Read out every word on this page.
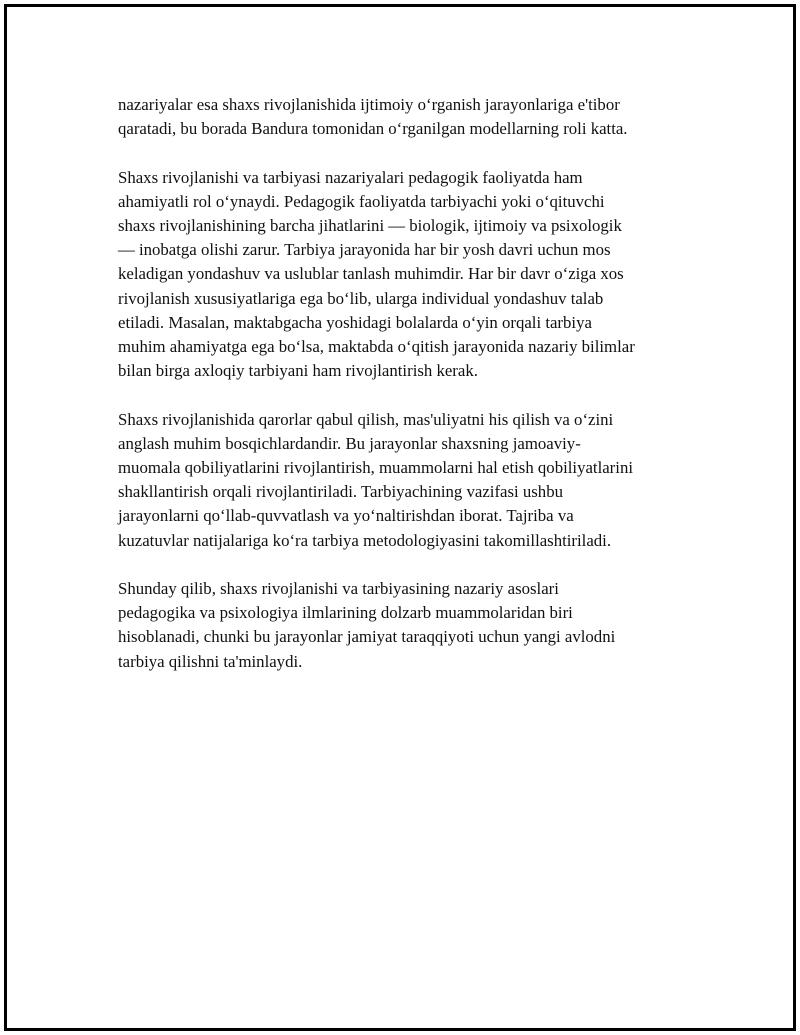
nazariyalar esa shaxs rivojlanishida ijtimoiy o‘rganish jarayonlariga e'tibor
qaratadi, bu borada Bandura tomonidan o‘rganilgan modellarning roli katta.

Shaxs rivojlanishi va tarbiyasi nazariyalari pedagogik faoliyatda ham
ahamiyatli rol o‘ynaydi. Pedagogik faoliyatda tarbiyachi yoki o‘qituvchi
shaxs rivojlanishining barcha jihatlarini — biologik, ijtimoiy va psixologik
— inobatga olishi zarur. Tarbiya jarayonida har bir yosh davri uchun mos
keladigan yondashuv va uslublar tanlash muhimdir. Har bir davr o‘ziga xos
rivojlanish xususiyatlariga ega bo‘lib, ularga individual yondashuv talab
etiladi. Masalan, maktabgacha yoshidagi bolalarda o‘yin orqali tarbiya
muhim ahamiyatga ega bo‘lsa, maktabda o‘qitish jarayonida nazariy bilimlar
bilan birga axloqiy tarbiyani ham rivojlantirish kerak.

Shaxs rivojlanishida qarorlar qabul qilish, mas'uliyatni his qilish va o‘zini
anglash muhim bosqichlardandir. Bu jarayonlar shaxsning jamoaviy-
muomala qobiliyatlarini rivojlantirish, muammolarni hal etish qobiliyatlarini
shakllantirish orqali rivojlantiriladi. Tarbiyachining vazifasi ushbu
jarayonlarni qo‘llab-quvvatlash va yo‘naltirishdan iborat. Tajriba va
kuzatuvlar natijalariga ko‘ra tarbiya metodologiyasini takomillashtiriladi.

Shunday qilib, shaxs rivojlanishi va tarbiyasining nazariy asoslari
pedagogika va psixologiya ilmlarining dolzarb muammolaridan biri
hisoblanadi, chunki bu jarayonlar jamiyat taraqqiyoti uchun yangi avlodni
tarbiya qilishni ta'minlaydi.
